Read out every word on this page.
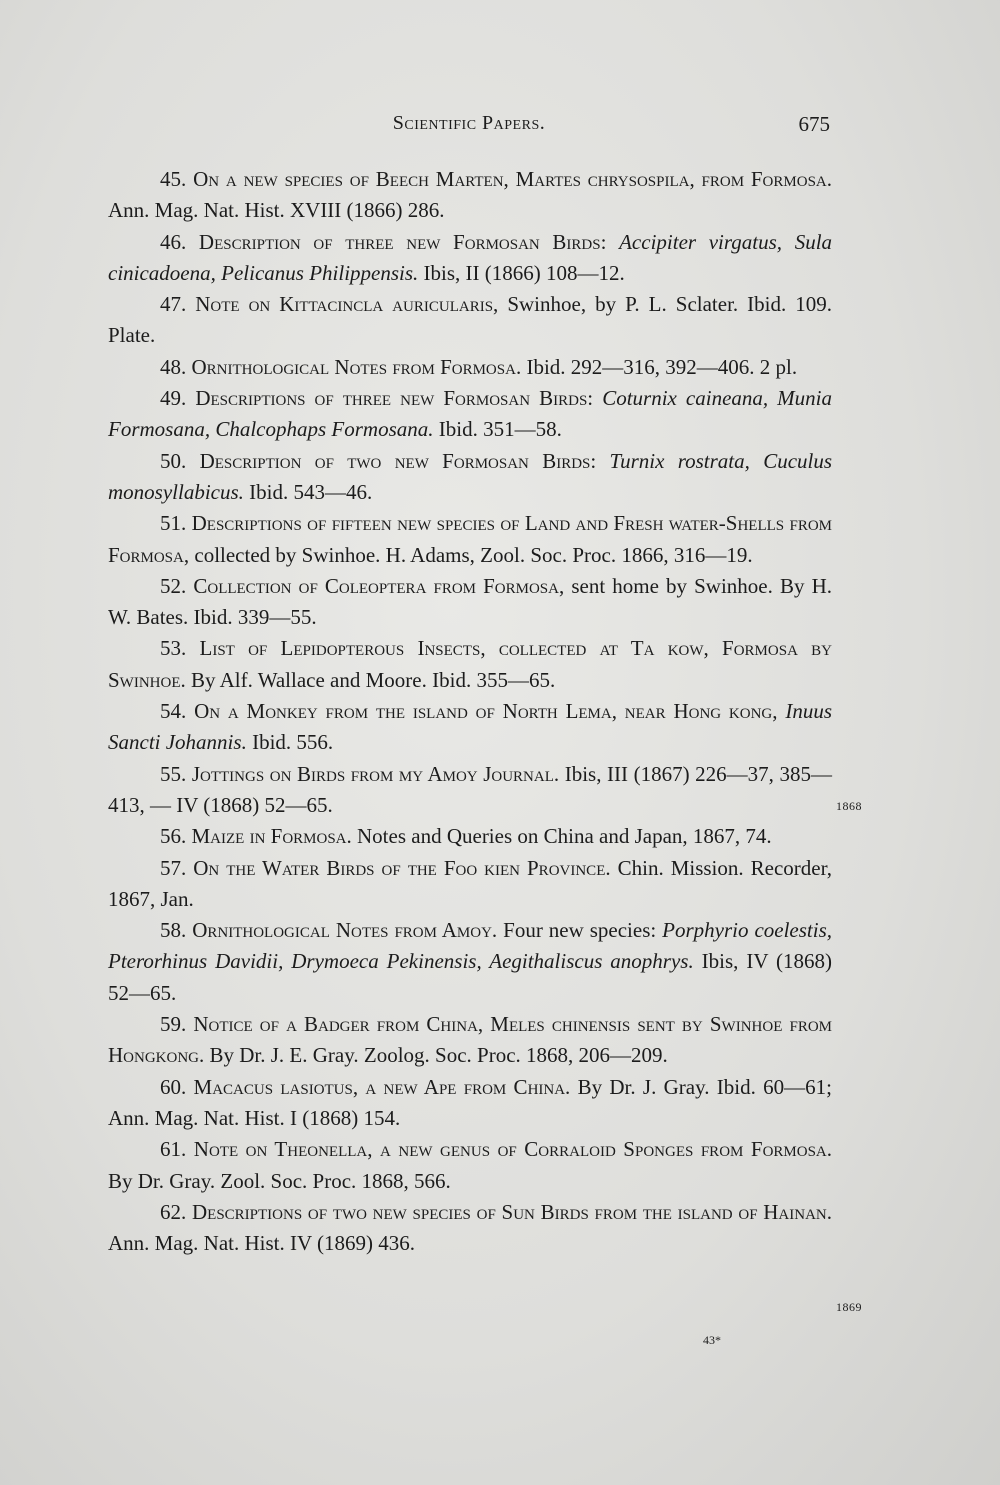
Scientific Papers.	675

45. On a new species of Beech Marten, Martes chrysospila, from Formosa. Ann. Mag. Nat. Hist. XVIII (1866) 286.

46. Description of three new Formosan Birds: Accipiter virgatus, Sula cinicadoena, Pelicanus Philippensis. Ibis, II (1866) 108—12.

47. Note on Kittacincla auricularis, Swinhoe, by P. L. Sclater. Ibid. 109. Plate.

48. Ornithological Notes from Formosa. Ibid. 292—316, 392—406. 2 pl.

49. Descriptions of three new Formosan Birds: Coturnix caineana, Munia Formosana, Chalcophaps Formosana. Ibid. 351—58.

50. Description of two new Formosan Birds: Turnix rostrata, Cuculus monosyllabicus. Ibid. 543—46.

51. Descriptions of fifteen new species of Land and Fresh water-Shells from Formosa, collected by Swinhoe. H. Adams, Zool. Soc. Proc. 1866, 316—19.

52. Collection of Coleoptera from Formosa, sent home by Swinhoe. By H. W. Bates. Ibid. 339—55.

53. List of Lepidopterous Insects, collected at Ta kow, Formosa by Swinhoe. By Alf. Wallace and Moore. Ibid. 355—65.

54. On a Monkey from the island of North Lema, near Hong kong, Inuus Sancti Johannis. Ibid. 556.

55. Jottings on Birds from my Amoy Journal. Ibis, III (1867) 226—37, 385—413, — IV (1868) 52—65.

56. Maize in Formosa. Notes and Queries on China and Japan, 1867, 74.

57. On the Water Birds of the Foo kien Province. Chin. Mission. Recorder, 1867, Jan.

58. Ornithological Notes from Amoy. Four new species: Porphyrio coelestis, Pterorhinus Davidii, Drymoeca Pekinensis, Aegithaliscus anophrys. Ibis, IV (1868) 52—65.

59. Notice of a Badger from China, Meles chinensis sent by Swinhoe from Hongkong. By Dr. J. E. Gray. Zoolog. Soc. Proc. 1868, 206—209.

60. Macacus lasiotus, a new Ape from China. By Dr. J. Gray. Ibid. 60—61; Ann. Mag. Nat. Hist. I (1868) 154.

61. Note on Theonella, a new genus of Corraloid Sponges from Formosa. By Dr. Gray. Zool. Soc. Proc. 1868, 566.

62. Descriptions of two new species of Sun Birds from the island of Hainan. Ann. Mag. Nat. Hist. IV (1869) 436.

1868
1869
43*
